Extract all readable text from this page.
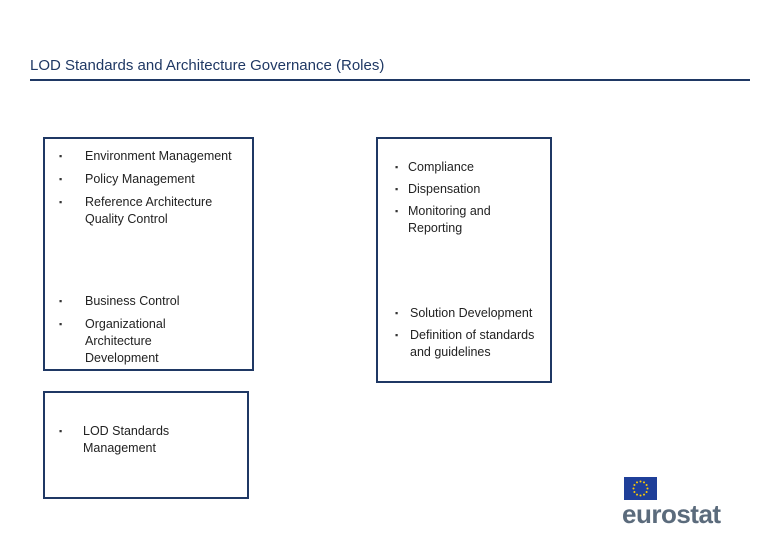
LOD Standards and Architecture Governance (Roles)
▪ Environment Management
▪ Policy Management
▪ Reference Architecture Quality Control
▪ Business Control
▪ Organizational Architecture Development
▪ Compliance
▪ Dispensation
▪ Monitoring and Reporting
▪ Solution Development
▪ Definition of standards and guidelines
▪ LOD Standards Management
eurostat
